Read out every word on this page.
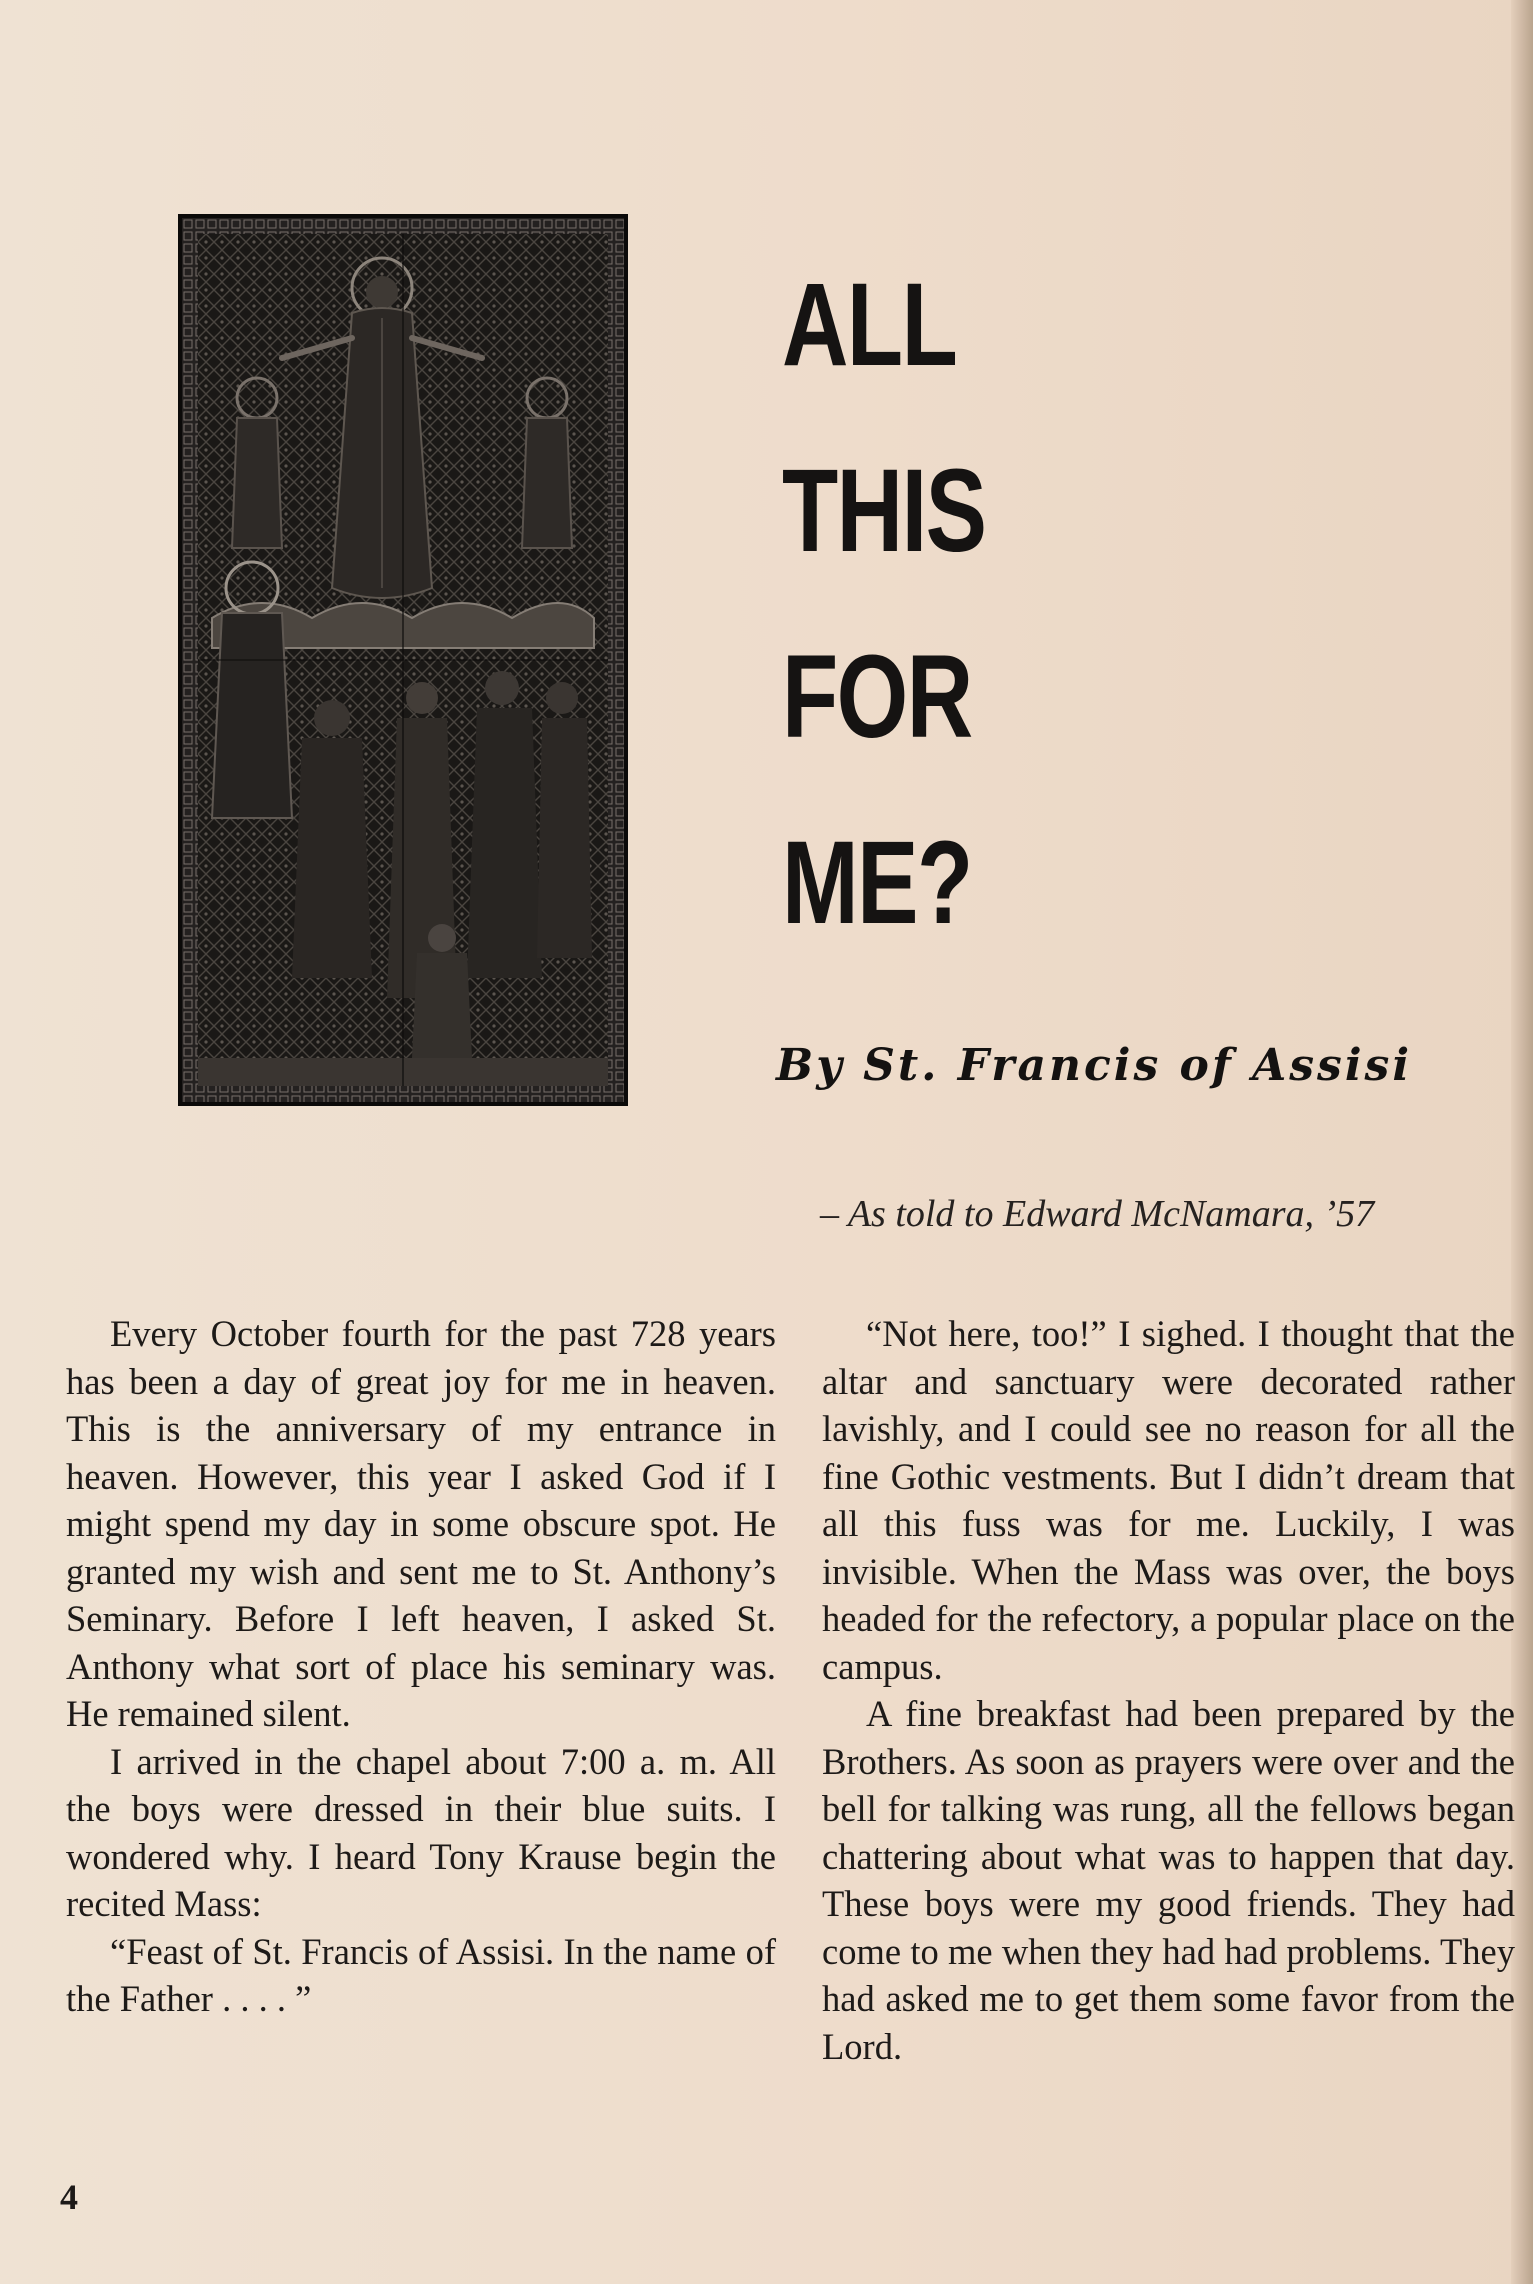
ALL
THIS
FOR
ME?
By St. Francis of Assisi
– As told to Edward McNamara, ’57

Every October fourth for the past 728 years has been a day of great joy for me in heaven. This is the anniversary of my entrance in heaven. However, this year I asked God if I might spend my day in some obscure spot. He granted my wish and sent me to St. Anthony’s Seminary. Before I left heaven, I asked St. Anthony what sort of place his seminary was. He remained silent.

I arrived in the chapel about 7:00 a. m. All the boys were dressed in their blue suits. I wondered why. I heard Tony Krause begin the recited Mass:

“Feast of St. Francis of Assisi. In the name of the Father . . . . ”

“Not here, too!” I sighed. I thought that the altar and sanctuary were decorated rather lavishly, and I could see no reason for all the fine Gothic vestments. But I didn’t dream that all this fuss was for me. Luckily, I was invisible. When the Mass was over, the boys headed for the refectory, a popular place on the campus.

A fine breakfast had been prepared by the Brothers. As soon as prayers were over and the bell for talking was rung, all the fellows began chattering about what was to happen that day. These boys were my good friends. They had come to me when they had had problems. They had asked me to get them some favor from the Lord.

4
